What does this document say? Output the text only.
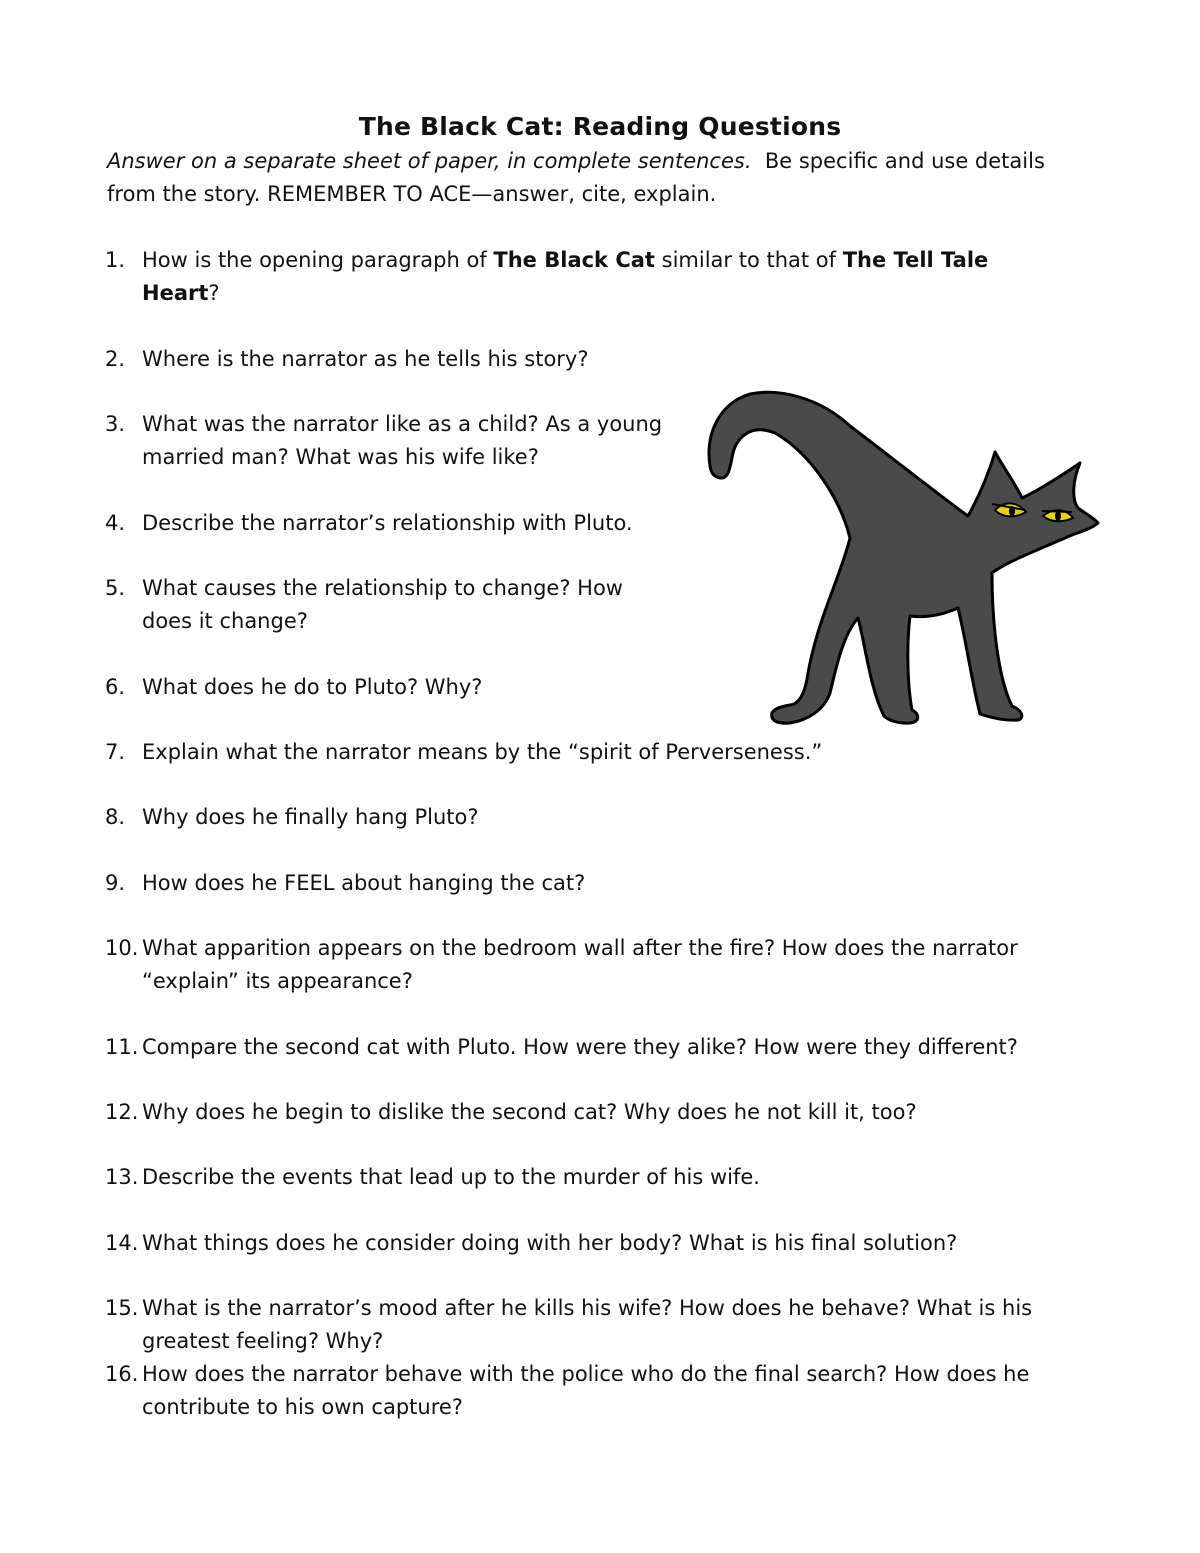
The Black Cat: Reading Questions
Answer on a separate sheet of paper, in complete sentences.  Be specific and use details
from the story. REMEMBER TO ACE—answer, cite, explain.
1. How is the opening paragraph of The Black Cat similar to that of The Tell Tale Heart?
2. Where is the narrator as he tells his story?
3. What was the narrator like as a child? As a young married man? What was his wife like?
4. Describe the narrator’s relationship with Pluto.
5. What causes the relationship to change? How does it change?
6. What does he do to Pluto? Why?
7. Explain what the narrator means by the “spirit of Perverseness.”
8. Why does he finally hang Pluto?
9. How does he FEEL about hanging the cat?
10. What apparition appears on the bedroom wall after the fire? How does the narrator “explain” its appearance?
11. Compare the second cat with Pluto. How were they alike? How were they different?
12. Why does he begin to dislike the second cat? Why does he not kill it, too?
13. Describe the events that lead up to the murder of his wife.
14. What things does he consider doing with her body? What is his final solution?
15. What is the narrator’s mood after he kills his wife? How does he behave? What is his greatest feeling? Why?
16. How does the narrator behave with the police who do the final search? How does he contribute to his own capture?
